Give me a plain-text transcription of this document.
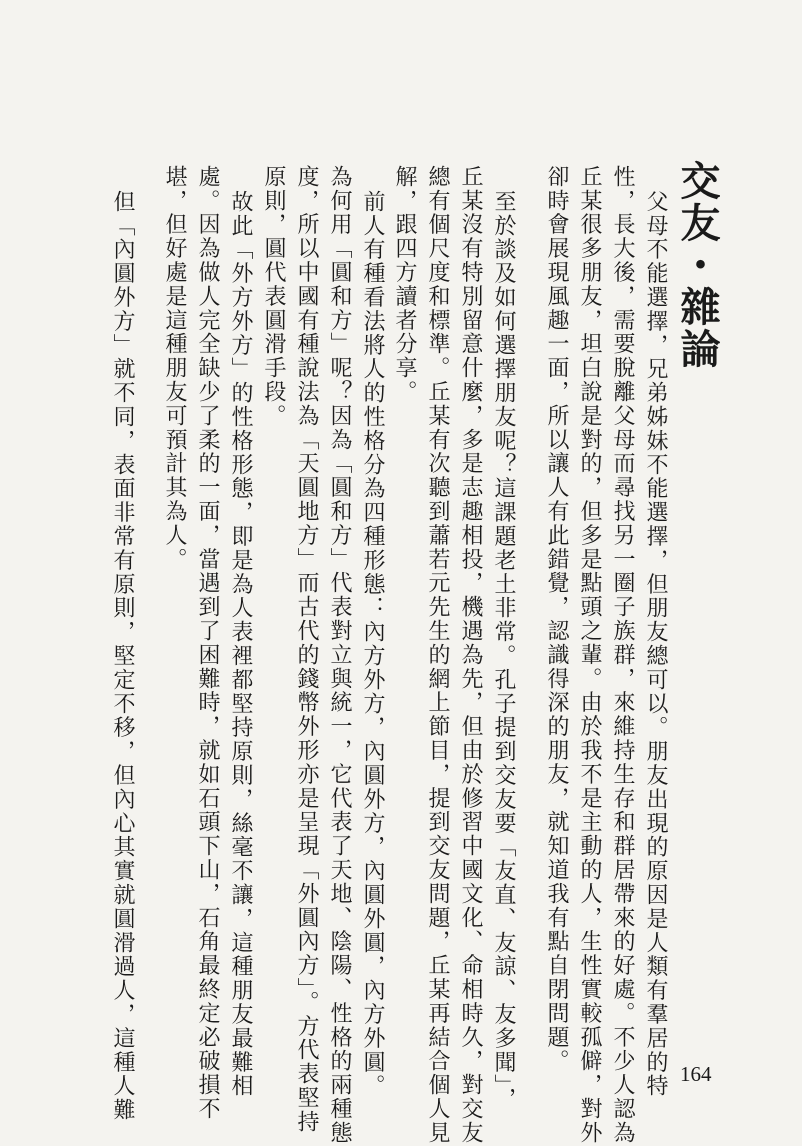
交友・雜論

父母不能選擇，兄弟姊妹不能選擇，但朋友總可以。朋友出現的原因是人類有羣居的特

性，長大後，需要脫離父母而尋找另一圈子族群，來維持生存和群居帶來的好處。不少人認為

丘某很多朋友，坦白說是對的，但多是點頭之輩。由於我不是主動的人，生性實較孤僻，對外

卻時會展現風趣一面，所以讓人有此錯覺，認識得深的朋友，就知道我有點自閉問題。

至於談及如何選擇朋友呢？這課題老土非常。孔子提到交友要「友直、友諒、友多聞」，

丘某沒有特別留意什麼，多是志趣相投，機遇為先，但由於修習中國文化、命相時久，對交友

總有個尺度和標準。丘某有次聽到蕭若元先生的網上節目，提到交友問題，丘某再結合個人見

解，跟四方讀者分享。

前人有種看法將人的性格分為四種形態：內方外方，內圓外方，內圓外圓，內方外圓。

為何用「圓和方」呢？因為「圓和方」代表對立與統一，它代表了天地、陰陽、性格的兩種態

度，所以中國有種說法為「天圓地方」而古代的錢幣外形亦是呈現「外圓內方」。方代表堅持

原則，圓代表圓滑手段。

故此「外方外方」的性格形態，即是為人表裡都堅持原則，絲毫不讓，這種朋友最難相

處。因為做人完全缺少了柔的一面，當遇到了困難時，就如石頭下山，石角最終定必破損不

堪，但好處是這種朋友可預計其為人。

但「內圓外方」就不同，表面非常有原則，堅定不移，但內心其實就圓滑過人，這種人難	164
